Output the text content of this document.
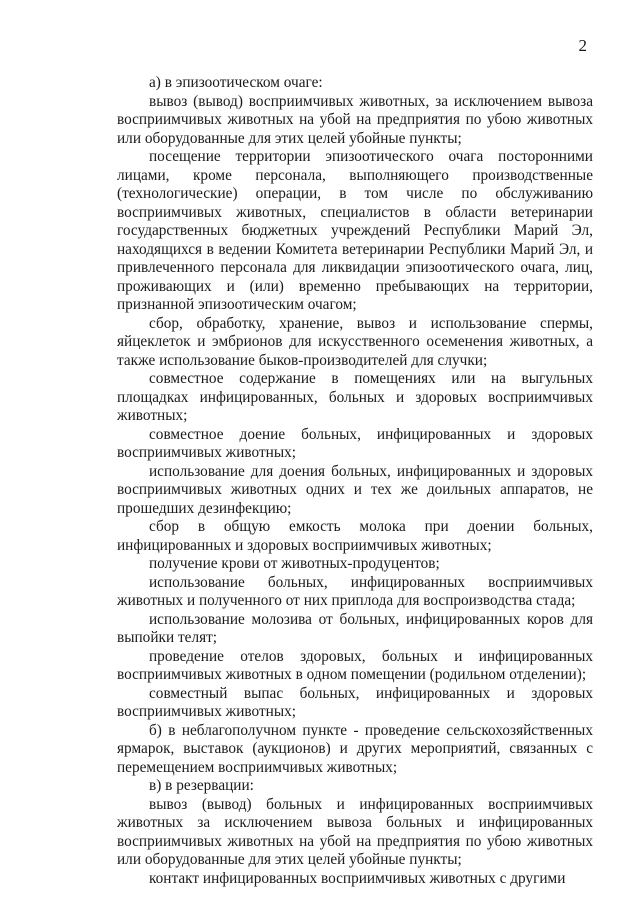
2

а) в эпизоотическом очаге:

вывоз (вывод) восприимчивых животных, за исключением вывоза восприимчивых животных на убой на предприятия по убою животных или оборудованные для этих целей убойные пункты;

посещение территории эпизоотического очага посторонними лицами, кроме персонала, выполняющего производственные (технологические) операции, в том числе по обслуживанию восприимчивых животных, специалистов в области ветеринарии государственных бюджетных учреждений Республики Марий Эл, находящихся в ведении Комитета ветеринарии Республики Марий Эл, и привлеченного персонала для ликвидации эпизоотического очага, лиц, проживающих и (или) временно пребывающих на территории, признанной эпизоотическим очагом;

сбор, обработку, хранение, вывоз и использование спермы, яйцеклеток и эмбрионов для искусственного осеменения животных, а также использование быков-производителей для случки;

совместное содержание в помещениях или на выгульных площадках инфицированных, больных и здоровых восприимчивых животных;

совместное доение больных, инфицированных и здоровых восприимчивых животных;

использование для доения больных, инфицированных и здоровых восприимчивых животных одних и тех же доильных аппаратов, не прошедших дезинфекцию;

сбор в общую емкость молока при доении больных, инфицированных и здоровых восприимчивых животных;

получение крови от животных-продуцентов;

использование больных, инфицированных восприимчивых животных и полученного от них приплода для воспроизводства стада;

использование молозива от больных, инфицированных коров для выпойки телят;

проведение отелов здоровых, больных и инфицированных восприимчивых животных в одном помещении (родильном отделении);

совместный выпас больных, инфицированных и здоровых восприимчивых животных;

б) в неблагополучном пункте - проведение сельскохозяйственных ярмарок, выставок (аукционов) и других мероприятий, связанных с перемещением восприимчивых животных;

в) в резервации:

вывоз (вывод) больных и инфицированных восприимчивых животных за исключением вывоза больных и инфицированных восприимчивых животных на убой на предприятия по убою животных или оборудованные для этих целей убойные пункты;

контакт инфицированных восприимчивых животных с другими
